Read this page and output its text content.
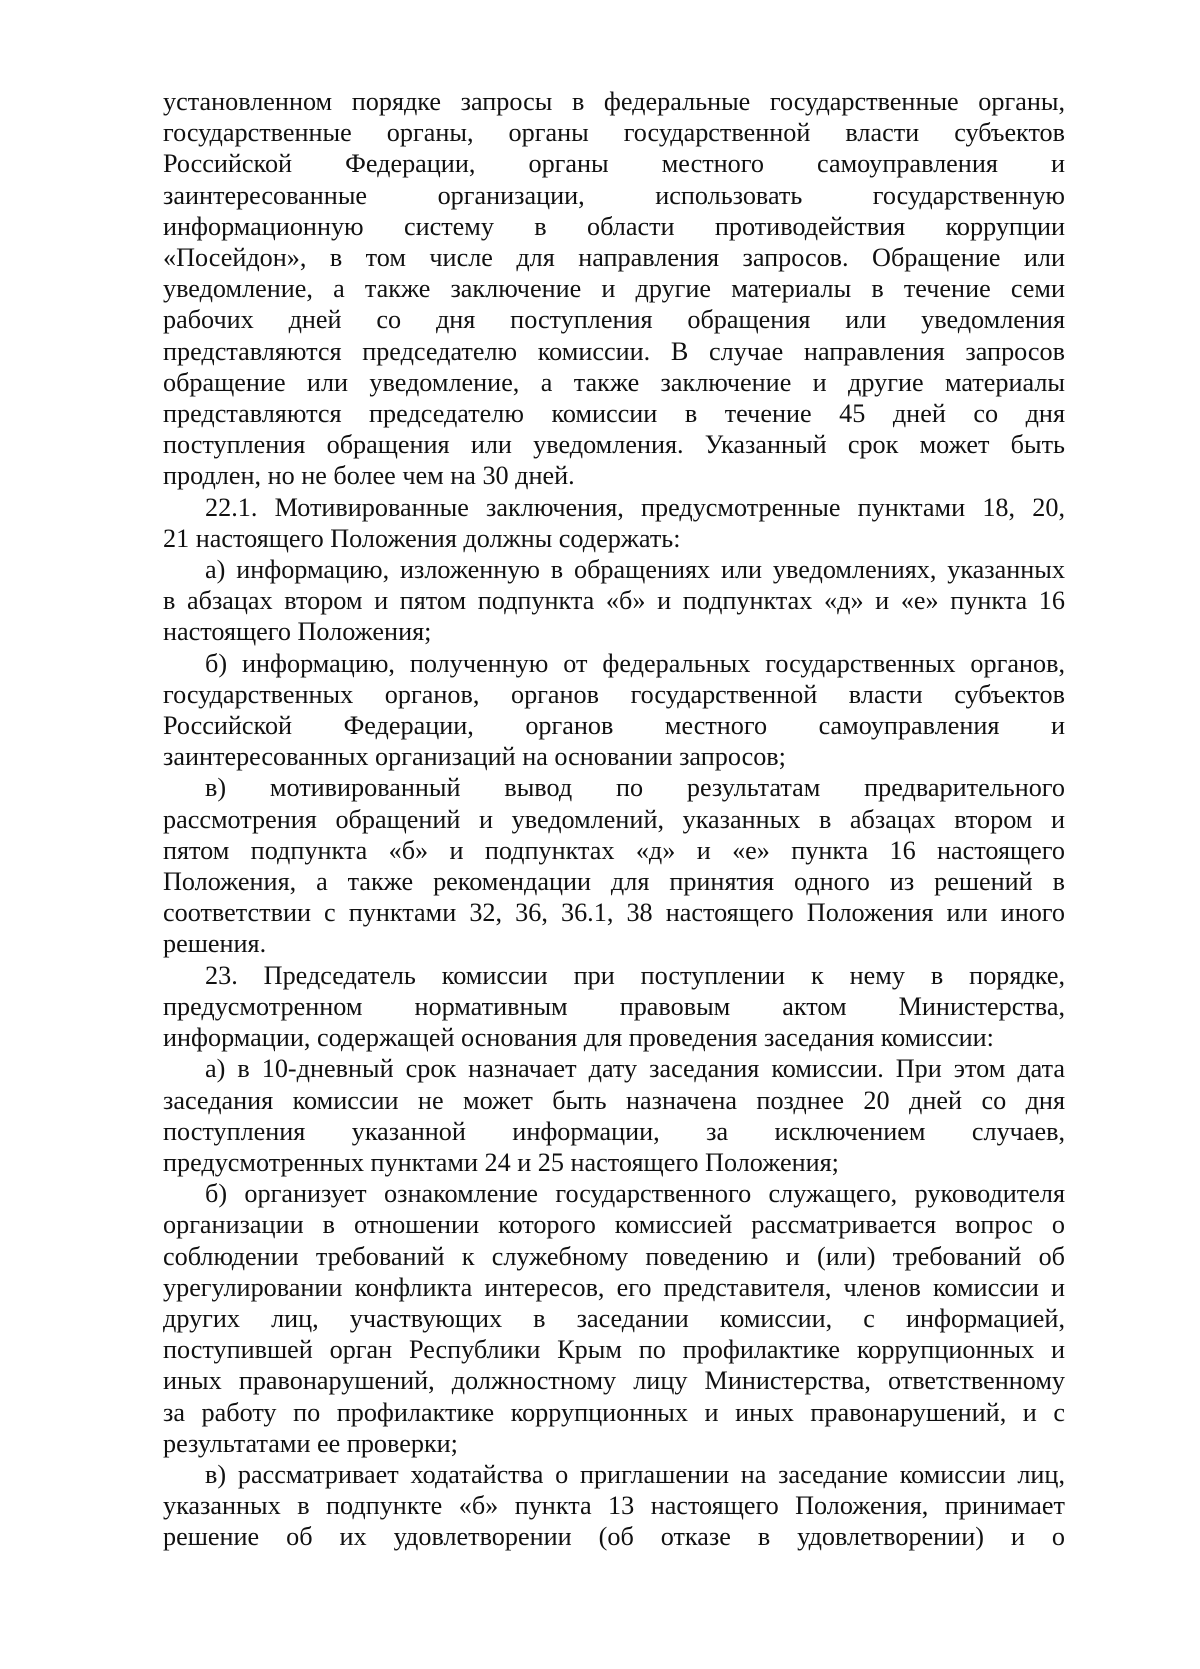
установленном порядке запросы в федеральные государственные органы,

государственные органы, органы государственной власти субъектов

Российской Федерации, органы местного самоуправления и

заинтересованные организации, использовать государственную

информационную систему в области противодействия коррупции

«Посейдон», в том числе для направления запросов. Обращение или

уведомление, а также заключение и другие материалы в течение семи

рабочих дней со дня поступления обращения или уведомления

представляются председателю комиссии. В случае направления запросов

обращение или уведомление, а также заключение и другие материалы

представляются председателю комиссии в течение 45 дней со дня

поступления обращения или уведомления. Указанный срок может быть

продлен, но не более чем на 30 дней.

22.1. Мотивированные заключения, предусмотренные пунктами 18, 20,

21 настоящего Положения должны содержать:

а) информацию, изложенную в обращениях или уведомлениях, указанных

в абзацах втором и пятом подпункта «б» и подпунктах «д» и «е» пункта 16

настоящего Положения;

б) информацию, полученную от федеральных государственных органов,

государственных органов, органов государственной власти субъектов

Российской Федерации, органов местного самоуправления и

заинтересованных организаций на основании запросов;

в) мотивированный вывод по результатам предварительного

рассмотрения обращений и уведомлений, указанных в абзацах втором и

пятом подпункта «б» и подпунктах «д» и «е» пункта 16 настоящего

Положения, а также рекомендации для принятия одного из решений в

соответствии с пунктами 32, 36, 36.1, 38 настоящего Положения или иного

решения.

23. Председатель комиссии при поступлении к нему в порядке,

предусмотренном нормативным правовым актом Министерства,

информации, содержащей основания для проведения заседания комиссии:

а) в 10-дневный срок назначает дату заседания комиссии. При этом дата

заседания комиссии не может быть назначена позднее 20 дней со дня

поступления указанной информации, за исключением случаев,

предусмотренных пунктами 24 и 25 настоящего Положения;

б) организует ознакомление государственного служащего, руководителя

организации в отношении которого комиссией рассматривается вопрос о

соблюдении требований к служебному поведению и (или) требований об

урегулировании конфликта интересов, его представителя, членов комиссии и

других лиц, участвующих в заседании комиссии, с информацией,

поступившей орган Республики Крым по профилактике коррупционных и

иных правонарушений, должностному лицу Министерства, ответственному

за работу по профилактике коррупционных и иных правонарушений, и с

результатами ее проверки;

в) рассматривает ходатайства о приглашении на заседание комиссии лиц,

указанных в подпункте «б» пункта 13 настоящего Положения, принимает

решение об их удовлетворении (об отказе в удовлетворении) и о
